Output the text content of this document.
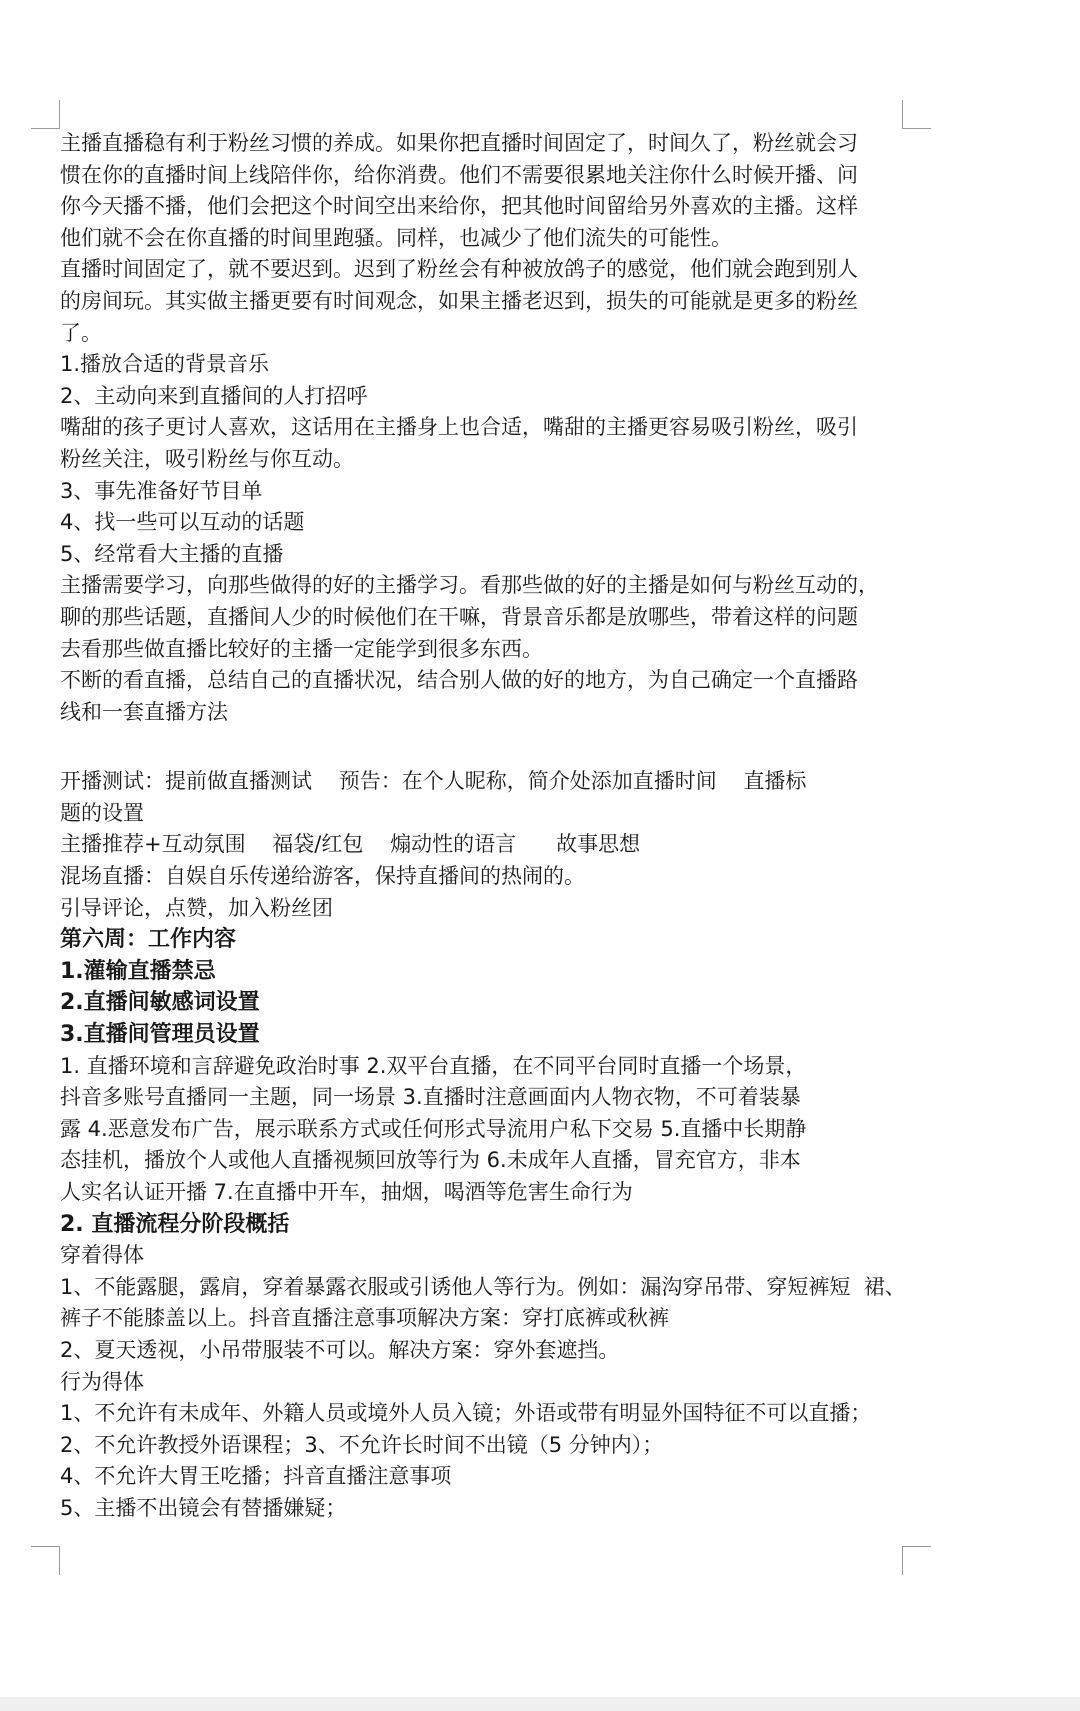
主播直播稳有利于粉丝习惯的养成。如果你把直播时间固定了，时间久了，粉丝就会习
惯在你的直播时间上线陪伴你，给你消费。他们不需要很累地关注你什么时候开播、问
你今天播不播，他们会把这个时间空出来给你，把其他时间留给另外喜欢的主播。这样
他们就不会在你直播的时间里跑骚。同样，也减少了他们流失的可能性。
直播时间固定了，就不要迟到。迟到了粉丝会有种被放鸽子的感觉，他们就会跑到别人
的房间玩。其实做主播更要有时间观念，如果主播老迟到，损失的可能就是更多的粉丝
了。
1.播放合适的背景音乐
2、主动向来到直播间的人打招呼
嘴甜的孩子更讨人喜欢，这话用在主播身上也合适，嘴甜的主播更容易吸引粉丝，吸引
粉丝关注，吸引粉丝与你互动。
3、事先准备好节目单
4、找一些可以互动的话题
5、经常看大主播的直播
主播需要学习，向那些做得的好的主播学习。看那些做的好的主播是如何与粉丝互动的，
聊的那些话题，直播间人少的时候他们在干嘛，背景音乐都是放哪些，带着这样的问题
去看那些做直播比较好的主播一定能学到很多东西。
不断的看直播，总结自己的直播状况，结合别人做的好的地方，为自己确定一个直播路
线和一套直播方法
开播测试：提前做直播测试    预告：在个人昵称，简介处添加直播时间    直播标
题的设置
主播推荐+互动氛围    福袋/红包    煽动性的语言      故事思想
混场直播：自娱自乐传递给游客，保持直播间的热闹的。
引导评论，点赞，加入粉丝团
第六周：工作内容
1.灌输直播禁忌
2.直播间敏感词设置
3.直播间管理员设置
1. 直播环境和言辞避免政治时事 2.双平台直播，在不同平台同时直播一个场景，
抖音多账号直播同一主题，同一场景 3.直播时注意画面内人物衣物，不可着装暴
露 4.恶意发布广告，展示联系方式或任何形式导流用户私下交易 5.直播中长期静
态挂机，播放个人或他人直播视频回放等行为 6.未成年人直播，冒充官方，非本
人实名认证开播 7.在直播中开车，抽烟，喝酒等危害生命行为
2. 直播流程分阶段概括
穿着得体
1、不能露腿，露肩，穿着暴露衣服或引诱他人等行为。例如：漏沟穿吊带、穿短裤短  裙、
裤子不能膝盖以上。抖音直播注意事项解决方案：穿打底裤或秋裤
2、夏天透视，小吊带服装不可以。解决方案：穿外套遮挡。
行为得体
1、不允许有未成年、外籍人员或境外人员入镜；外语或带有明显外国特征不可以直播；
2、不允许教授外语课程；3、不允许长时间不出镜（5 分钟内）；
4、不允许大胃王吃播；抖音直播注意事项
5、主播不出镜会有替播嫌疑；
